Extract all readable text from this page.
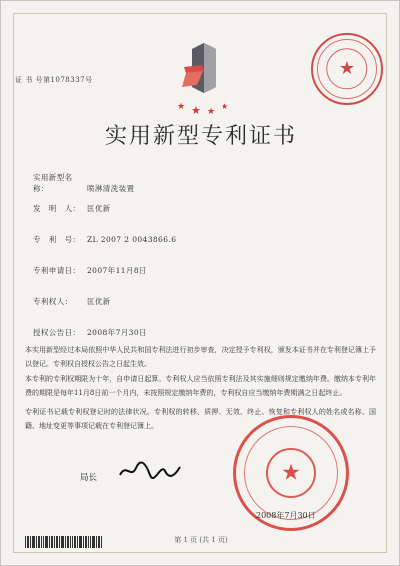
证 书 号第1078337号
★ ★ ★
★
★
实用新型专利证书
实用新型名称：	喷淋清洗装置
发　明　人： 匡优新
专　利　号： ZL 2007 2 0043866.6
专利申请日： 2007年11月8日
专利权人： 匡优新
授权公告日： 2008年7月30日
本实用新型经过本局依照中华人民共和国专利法进行初步审查，决定授予专利权，颁发本证书并在专利登记簿上予以登记。专利权自授权公告之日起生效。
本专利的专利权期限为十年，自申请日起算。专利权人应当依照专利法及其实施细则规定缴纳年费。缴纳本专利年费的期限是每年11月8日前一个月内，未按照规定缴纳年费的，专利权自应当缴纳年费期满之日起终止。
专利证书记载专利权登记时的法律状况。专利权的转移、质押、无效、终止、恢复和专利权人的姓名或名称、国籍、地址变更等事项记载在专利登记簿上。
局长	★
2008年7月30日
第 1 页 (共 1 页)
